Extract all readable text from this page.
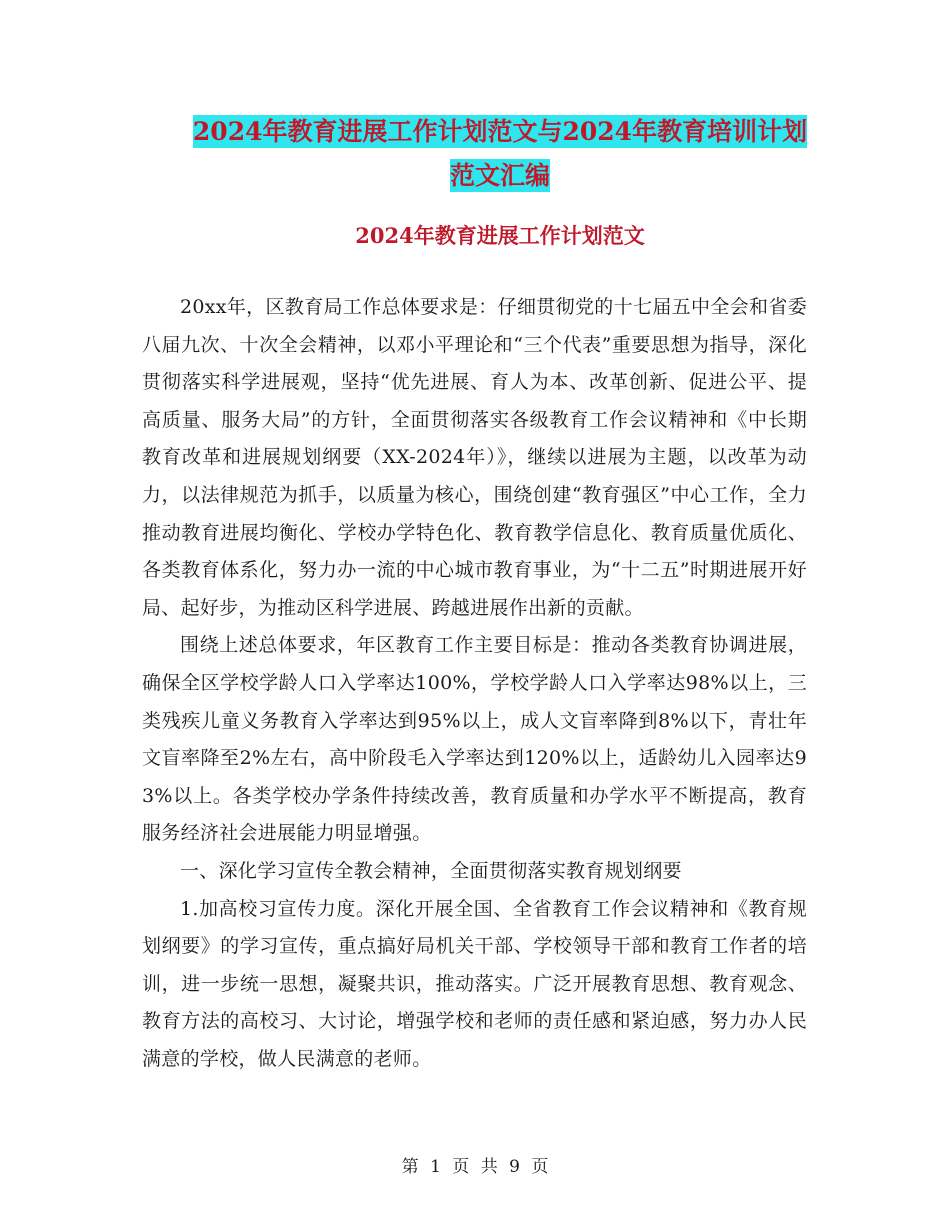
2024年教育进展工作计划范文与2024年教育培训计划
范文汇编
2024年教育进展工作计划范文

20xx年，区教育局工作总体要求是：仔细贯彻党的十七届五中全会和省委八届九次、十次全会精神，以邓小平理论和“三个代表”重要思想为指导，深化贯彻落实科学进展观，坚持“优先进展、育人为本、改革创新、促进公平、提高质量、服务大局”的方针，全面贯彻落实各级教育工作会议精神和《中长期教育改革和进展规划纲要（XX-2024年）》，继续以进展为主题，以改革为动力，以法律规范为抓手，以质量为核心，围绕创建“教育强区”中心工作，全力推动教育进展均衡化、学校办学特色化、教育教学信息化、教育质量优质化、各类教育体系化，努力办一流的中心城市教育事业，为“十二五”时期进展开好局、起好步，为推动区科学进展、跨越进展作出新的贡献。

围绕上述总体要求，年区教育工作主要目标是：推动各类教育协调进展，确保全区学校学龄人口入学率达100%，学校学龄人口入学率达98%以上，三类残疾儿童义务教育入学率达到95%以上，成人文盲率降到8%以下，青壮年文盲率降至2%左右，高中阶段毛入学率达到120%以上，适龄幼儿入园率达93%以上。各类学校办学条件持续改善，教育质量和办学水平不断提高，教育服务经济社会进展能力明显增强。

一、深化学习宣传全教会精神，全面贯彻落实教育规划纲要

1.加高校习宣传力度。深化开展全国、全省教育工作会议精神和《教育规划纲要》的学习宣传，重点搞好局机关干部、学校领导干部和教育工作者的培训，进一步统一思想，凝聚共识，推动落实。广泛开展教育思想、教育观念、教育方法的高校习、大讨论，增强学校和老师的责任感和紧迫感，努力办人民满意的学校，做人民满意的老师。

第 1 页 共 9 页
